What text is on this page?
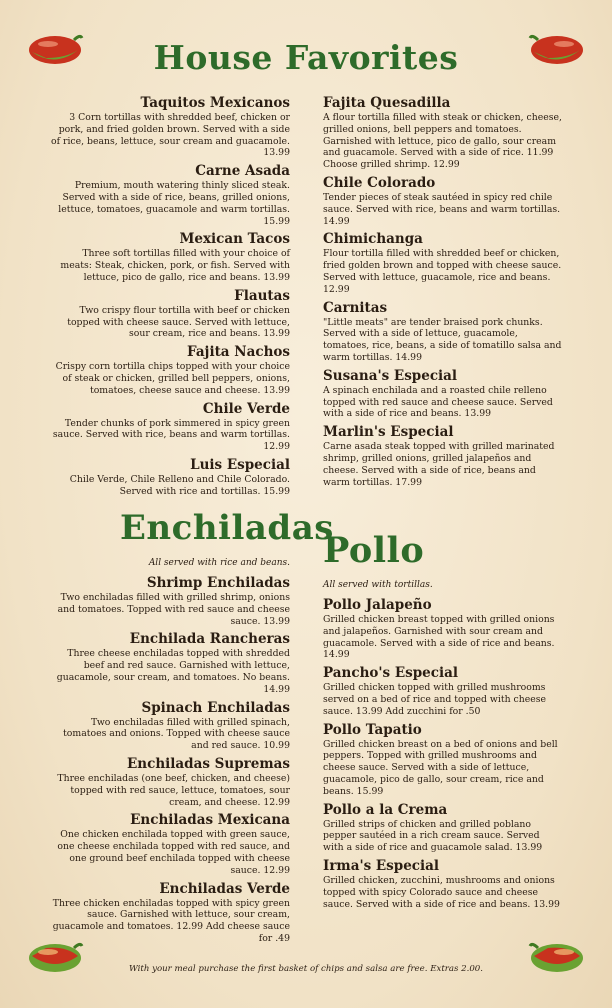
House Favorites
Taquitos Mexicanos
3 Corn tortillas with shredded beef, chicken or pork, and fried golden brown. Served with a side of rice, beans, lettuce, sour cream and guacamole. 13.99
Carne Asada
Premium, mouth watering thinly sliced steak. Served with a side of rice, beans, grilled onions, lettuce, tomatoes, guacamole and warm tortillas. 15.99
Mexican Tacos
Three soft tortillas filled with your choice of meats: Steak, chicken, pork, or fish. Served with lettuce, pico de gallo, rice and beans. 13.99
Flautas
Two crispy flour tortilla with beef or chicken topped with cheese sauce. Served with lettuce, sour cream, rice and beans. 13.99
Fajita Nachos
Crispy corn tortilla chips topped with your choice of steak or chicken, grilled bell peppers, onions, tomatoes, cheese sauce and cheese. 13.99
Chile Verde
Tender chunks of pork simmered in spicy green sauce. Served with rice, beans and warm tortillas. 12.99
Luis Especial
Chile Verde, Chile Relleno and Chile Colorado. Served with rice and tortillas. 15.99
Fajita Quesadilla
A flour tortilla filled with steak or chicken, cheese, grilled onions, bell peppers and tomatoes. Garnished with lettuce, pico de gallo, sour cream and guacamole. Served with a side of rice. 11.99 Choose grilled shrimp. 12.99
Chile Colorado
Tender pieces of steak sautéed in spicy red chile sauce. Served with rice, beans and warm tortillas. 14.99
Chimichanga
Flour tortilla filled with shredded beef or chicken, fried golden brown and topped with cheese sauce. Served with lettuce, guacamole, rice and beans. 12.99
Carnitas
"Little meats" are tender braised pork chunks. Served with a side of lettuce, guacamole, tomatoes, rice, beans, a side of tomatillo salsa and warm tortillas. 14.99
Susana's Especial
A spinach enchilada and a roasted chile relleno topped with red sauce and cheese sauce. Served with a side of rice and beans. 13.99
Marlin's Especial
Carne asada steak topped with grilled marinated shrimp, grilled onions, grilled jalapeños and cheese. Served with a side of rice, beans and warm tortillas. 17.99
Enchiladas
All served with rice and beans.
Shrimp Enchiladas
Two enchiladas filled with grilled shrimp, onions and tomatoes. Topped with red sauce and cheese sauce. 13.99
Enchilada Rancheras
Three cheese enchiladas topped with shredded beef and red sauce. Garnished with lettuce, guacamole, sour cream, and tomatoes. No beans. 14.99
Spinach Enchiladas
Two enchiladas filled with grilled spinach, tomatoes and onions. Topped with cheese sauce and red sauce. 10.99
Enchiladas Supremas
Three enchiladas (one beef, chicken, and cheese) topped with red sauce, lettuce, tomatoes, sour cream, and cheese. 12.99
Enchiladas Mexicana
One chicken enchilada topped with green sauce, one cheese enchilada topped with red sauce, and one ground beef enchilada topped with cheese sauce. 12.99
Enchiladas Verde
Three chicken enchiladas topped with spicy green sauce. Garnished with lettuce, sour cream, guacamole and tomatoes. 12.99 Add cheese sauce for .49
Pollo
All served with tortillas.
Pollo Jalapeño
Grilled chicken breast topped with grilled onions and jalapeños. Garnished with sour cream and guacamole. Served with a side of rice and beans. 14.99
Pancho's Especial
Grilled chicken topped with grilled mushrooms served on a bed of rice and topped with cheese sauce. 13.99 Add zucchini for .50
Pollo Tapatio
Grilled chicken breast on a bed of onions and bell peppers. Topped with grilled mushrooms and cheese sauce. Served with a side of lettuce, guacamole, pico de gallo, sour cream, rice and beans. 15.99
Pollo a la Crema
Grilled strips of chicken and grilled poblano pepper sautéed in a rich cream sauce. Served with a side of rice and guacamole salad. 13.99
Irma's Especial
Grilled chicken, zucchini, mushrooms and onions topped with spicy Colorado sauce and cheese sauce. Served with a side of rice and beans. 13.99
With your meal purchase the first basket of chips and salsa are free. Extras 2.00.
